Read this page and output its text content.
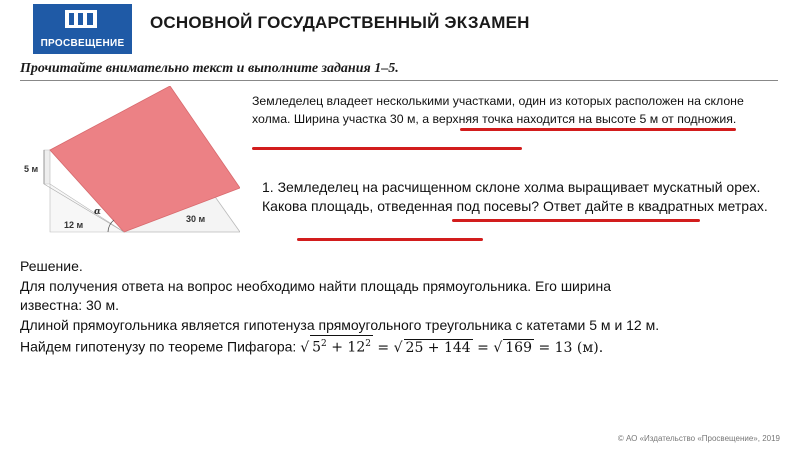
ПРОСВЕЩЕНИЕ
ОСНОВНОЙ ГОСУДАРСТВЕННЫЙ ЭКЗАМЕН
Прочитайте внимательно текст и выполните задания 1–5.
5 м
12 м
α
30 м
Земледелец владеет несколькими участками, один из которых расположен на склоне холма. Ширина участка 30 м, а верхняя точка находится на высоте 5 м от подножия.
1. Земледелец на расчищенном склоне холма выращивает мускатный орех. Какова площадь, отведенная под посевы? Ответ дайте в квадратных метрах.
Решение.
Для получения ответа на вопрос необходимо найти площадь прямоугольника. Его ширина
известна: 30 м.
Длиной прямоугольника является гипотенуза прямоугольного треугольника с катетами 5 м и 12 м.
Найдем гипотенузу по теореме Пифагора: √ $5^2 + 12^2$ = √ 25 + 144 = √ 169 = 13 (м).
© АО «Издательство «Просвещение», 2019
